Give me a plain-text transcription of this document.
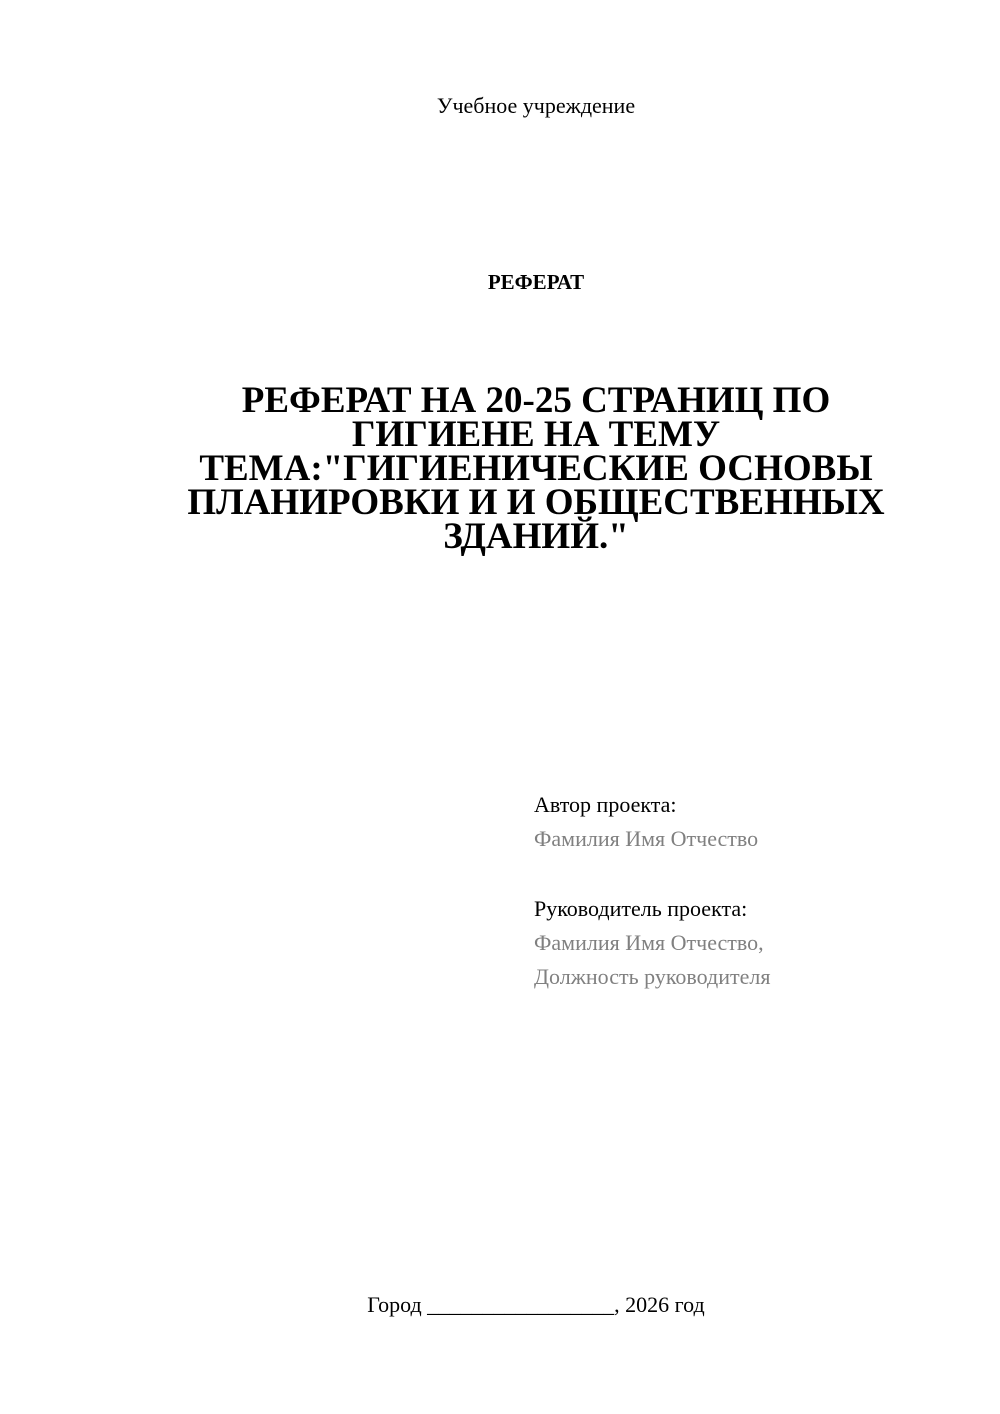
Учебное учреждение
РЕФЕРАТ
РЕФЕРАТ НА 20-25 СТРАНИЦ ПО
ГИГИЕНЕ НА ТЕМУ
ТЕМА:"ГИГИЕНИЧЕСКИЕ ОСНОВЫ
ПЛАНИРОВКИ И И ОБЩЕСТВЕННЫХ
ЗДАНИЙ."
Автор проекта:
Фамилия Имя Отчество
Руководитель проекта:
Фамилия Имя Отчество,
Должность руководителя
Город _________________, 2026 год
